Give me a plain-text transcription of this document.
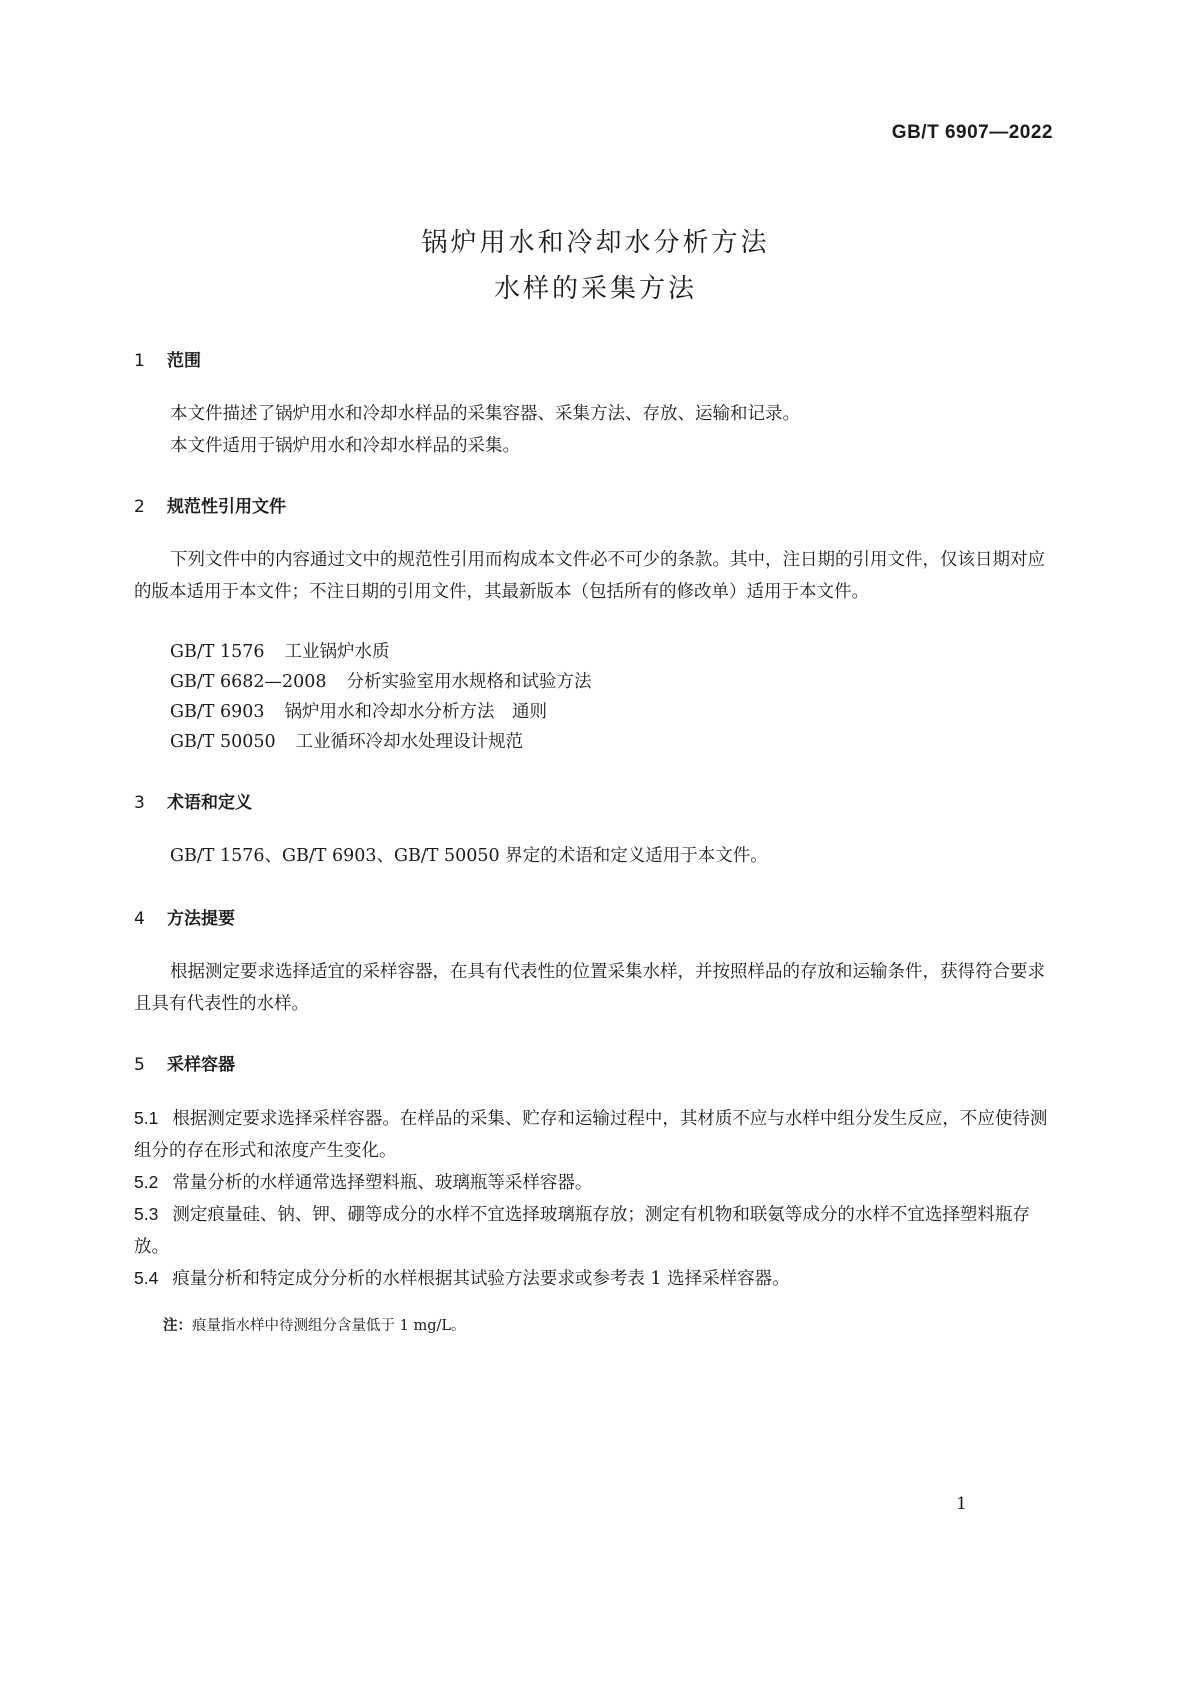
GB/T 6907—2022
锅炉用水和冷却水分析方法
水样的采集方法
1 范围
本文件描述了锅炉用水和冷却水样品的采集容器、采集方法、存放、运输和记录。
本文件适用于锅炉用水和冷却水样品的采集。
2 规范性引用文件
下列文件中的内容通过文中的规范性引用而构成本文件必不可少的条款。其中，注日期的引用文件，仅该日期对应的版本适用于本文件；不注日期的引用文件，其最新版本（包括所有的修改单）适用于本文件。
GB/T 1576 工业锅炉水质
GB/T 6682—2008 分析实验室用水规格和试验方法
GB/T 6903 锅炉用水和冷却水分析方法　通则
GB/T 50050 工业循环冷却水处理设计规范
3 术语和定义
GB/T 1576、GB/T 6903、GB/T 50050 界定的术语和定义适用于本文件。
4 方法提要
根据测定要求选择适宜的采样容器，在具有代表性的位置采集水样，并按照样品的存放和运输条件，获得符合要求且具有代表性的水样。
5 采样容器
5.1 根据测定要求选择采样容器。在样品的采集、贮存和运输过程中，其材质不应与水样中组分发生反应，不应使待测组分的存在形式和浓度产生变化。
5.2 常量分析的水样通常选择塑料瓶、玻璃瓶等采样容器。
5.3 测定痕量硅、钠、钾、硼等成分的水样不宜选择玻璃瓶存放；测定有机物和联氨等成分的水样不宜选择塑料瓶存放。
5.4 痕量分析和特定成分分析的水样根据其试验方法要求或参考表 1 选择采样容器。
注：痕量指水样中待测组分含量低于 1 mg/L。
1
